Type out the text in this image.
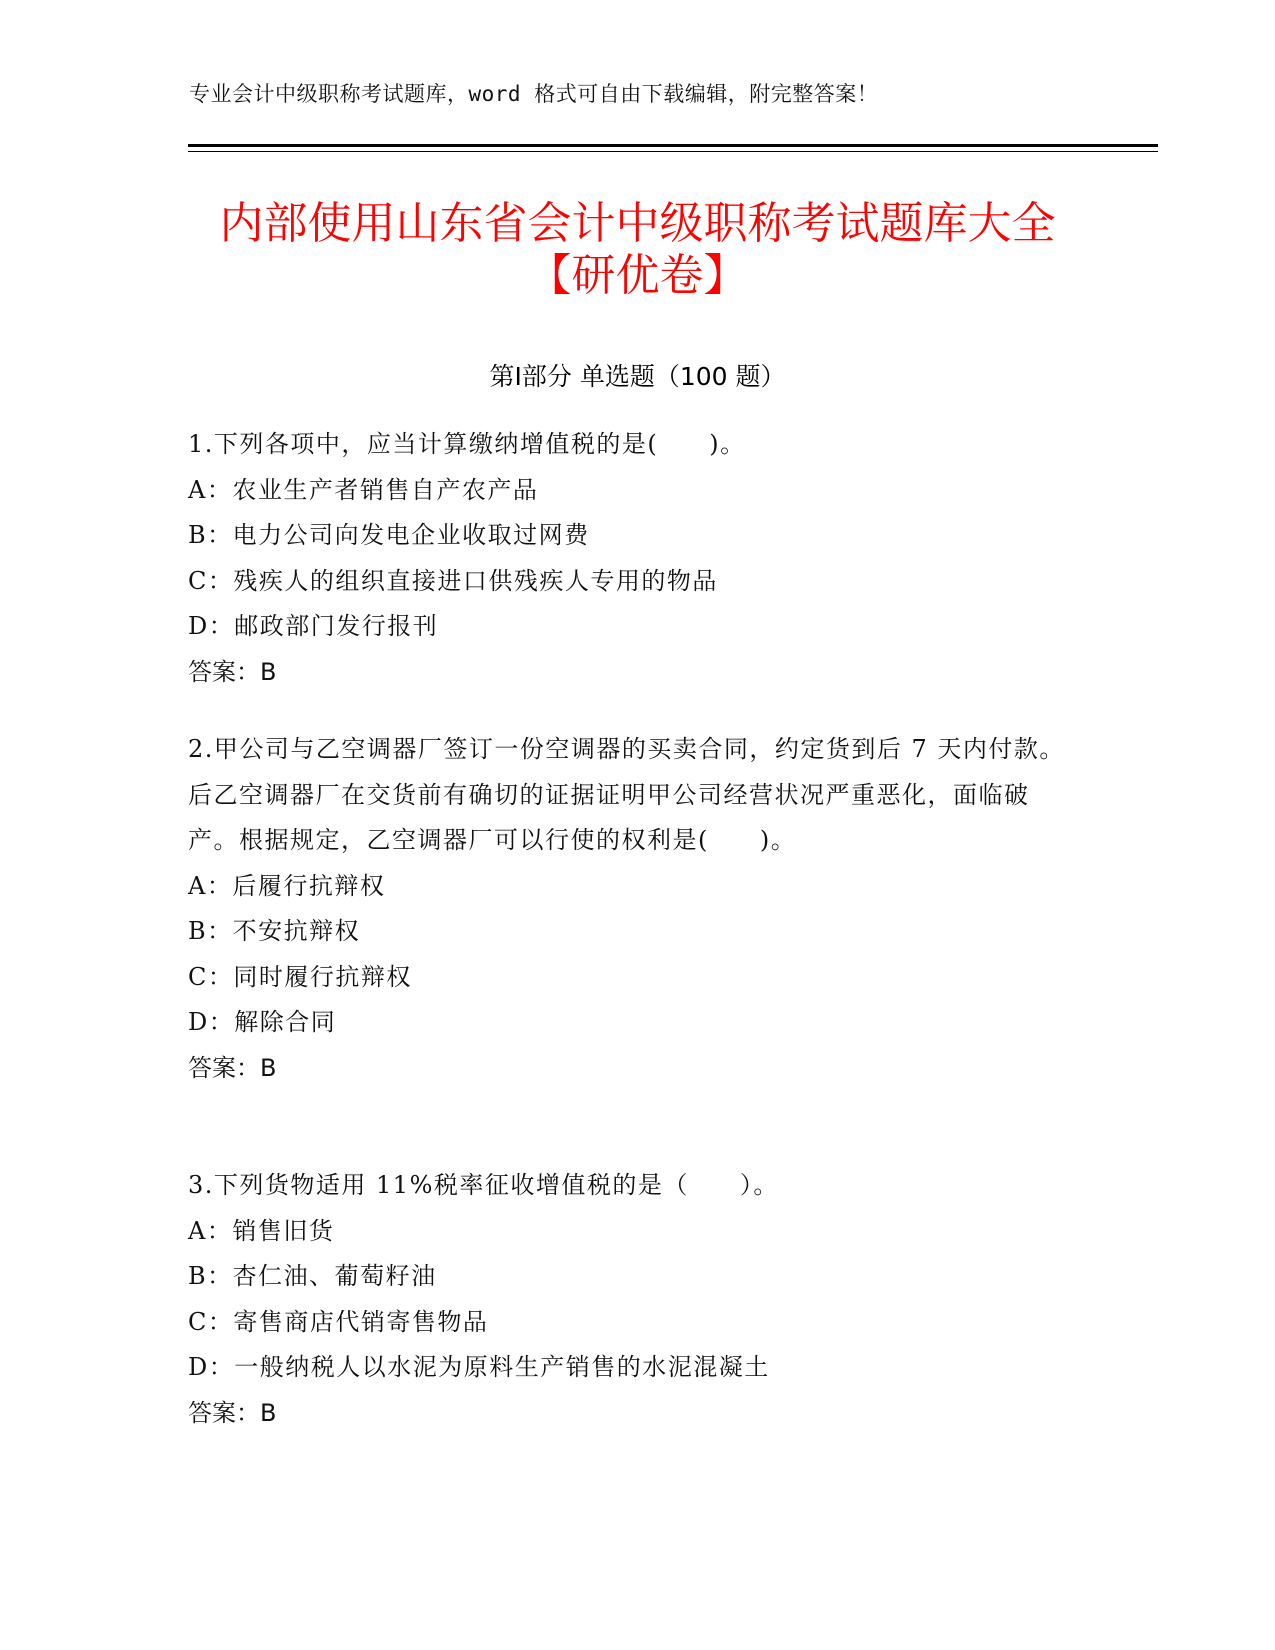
专业会计中级职称考试题库，word 格式可自由下载编辑，附完整答案！
内部使用山东省会计中级职称考试题库大全
【研优卷】
第Ⅰ部分 单选题（100 题）
1.下列各项中，应当计算缴纳增值税的是(　　)。
A：农业生产者销售自产农产品
B：电力公司向发电企业收取过网费
C：残疾人的组织直接进口供残疾人专用的物品
D：邮政部门发行报刊
答案：B
2.甲公司与乙空调器厂签订一份空调器的买卖合同，约定货到后 7 天内付款。后乙空调器厂在交货前有确切的证据证明甲公司经营状况严重恶化，面临破产。根据规定，乙空调器厂可以行使的权利是(　　)。
A：后履行抗辩权
B：不安抗辩权
C：同时履行抗辩权
D：解除合同
答案：B
3.下列货物适用 11%税率征收增值税的是（　　）。
A：销售旧货
B：杏仁油、葡萄籽油
C：寄售商店代销寄售物品
D：一般纳税人以水泥为原料生产销售的水泥混凝土
答案：B
